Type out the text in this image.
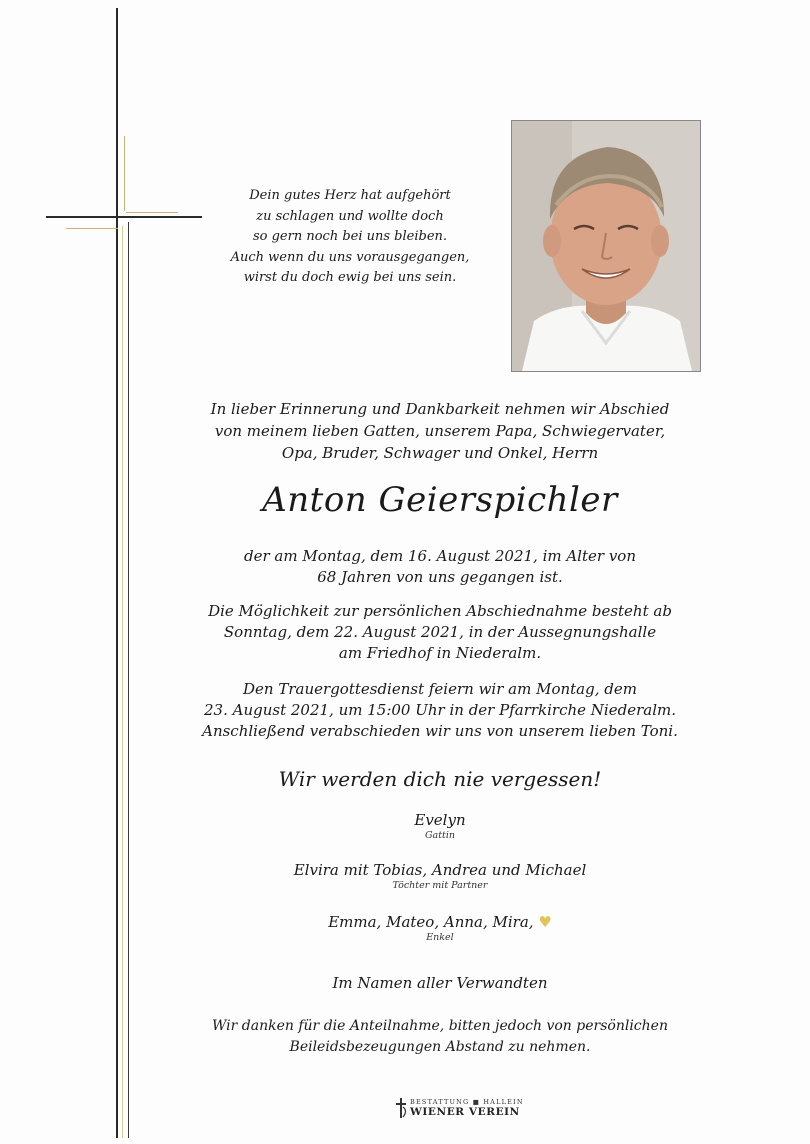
Dein gutes Herz hat aufgehört
zu schlagen und wollte doch
so gern noch bei uns bleiben.
Auch wenn du uns vorausgegangen,
wirst du doch ewig bei uns sein.
In lieber Erinnerung und Dankbarkeit nehmen wir Abschied
von meinem lieben Gatten, unserem Papa, Schwiegervater,
Opa, Bruder, Schwager und Onkel, Herrn
Anton Geierspichler
der am Montag, dem 16. August 2021, im Alter von
68 Jahren von uns gegangen ist.
Die Möglichkeit zur persönlichen Abschiednahme besteht ab
Sonntag, dem 22. August 2021, in der Aussegnungshalle
am Friedhof in Niederalm.
Den Trauergottesdienst feiern wir am Montag, dem
23. August 2021, um 15:00 Uhr in der Pfarrkirche Niederalm.
Anschließend verabschieden wir uns von unserem lieben Toni.
Wir werden dich nie vergessen!
Evelyn
Gattin
Elvira mit Tobias, Andrea und Michael
Töchter mit Partner
Emma, Mateo, Anna, Mira, ♥
Enkel
Im Namen aller Verwandten
Wir danken für die Anteilnahme, bitten jedoch von persönlichen
Beileidsbezeugungen Abstand zu nehmen.
BESTATTUNG ■ HALLEIN
WIENER VEREIN
